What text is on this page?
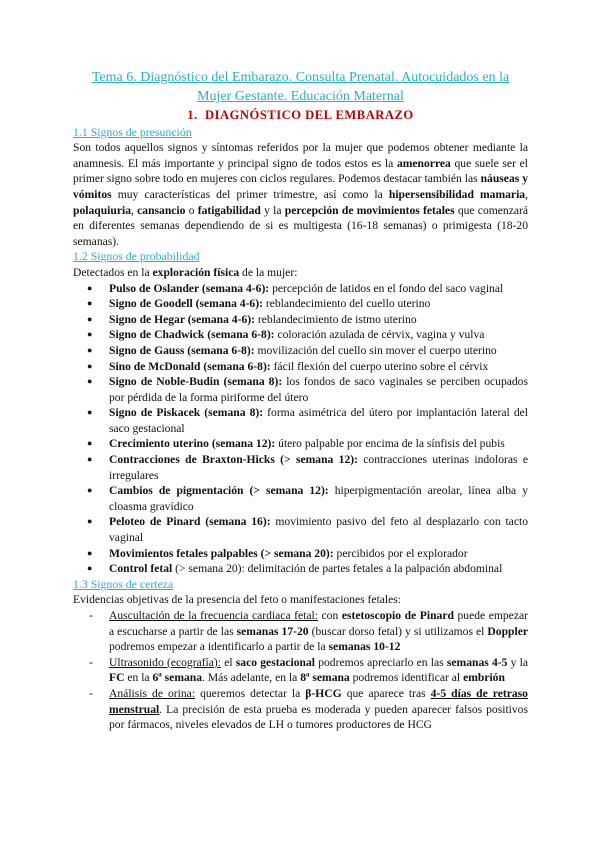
Tema 6. Diagnóstico del Embarazo. Consulta Prenatal. Autocuidados en la Mujer Gestante. Educación Maternal
1. DIAGNÓSTICO DEL EMBARAZO
1.1 Signos de presunción

Son todos aquellos signos y síntomas referidos por la mujer que podemos obtener mediante la anamnesis. El más importante y principal signo de todos estos es la amenorrea que suele ser el primer signo sobre todo en mujeres con ciclos regulares. Podemos destacar también las náuseas y vómitos muy características del primer trimestre, así como la hipersensibilidad mamaria, polaquiuria, cansancio o fatigabilidad y la percepción de movimientos fetales que comenzará en diferentes semanas dependiendo de si es multigesta (16-18 semanas) o primigesta (18-20 semanas).

1.2 Signos de probabilidad

Detectados en la exploración física de la mujer:

● Pulso de Oslander (semana 4-6): percepción de latidos en el fondo del saco vaginal
● Signo de Goodell (semana 4-6): reblandecimiento del cuello uterino
● Signo de Hegar (semana 4-6): reblandecimiento de istmo uterino
● Signo de Chadwick (semana 6-8): coloración azulada de cérvix, vagina y vulva
● Signo de Gauss (semana 6-8): movilización del cuello sin mover el cuerpo uterino
● Sino de McDonald (semana 6-8): fácil flexión del cuerpo uterino sobre el cérvix
● Signo de Noble-Budin (semana 8): los fondos de saco vaginales se perciben ocupados por pérdida de la forma piriforme del útero
● Signo de Piskacek (semana 8): forma asimétrica del útero por implantación lateral del saco gestacional
● Crecimiento uterino (semana 12): útero palpable por encima de la sínfisis del pubis
● Contracciones de Braxton-Hicks (> semana 12): contracciones uterinas indoloras e irregulares
● Cambios de pigmentación (> semana 12): hiperpigmentación areolar, línea alba y cloasma gravídico
● Peloteo de Pinard (semana 16): movimiento pasivo del feto al desplazarlo con tacto vaginal
● Movimientos fetales palpables (> semana 20): percibidos por el explorador
● Control fetal (> semana 20): delimitación de partes fetales a la palpación abdominal
1.3 Signos de certeza

Evidencias objetivas de la presencia del feto o manifestaciones fetales:

- Auscultación de la frecuencia cardiaca fetal: con estetoscopio de Pinard puede empezar a escucharse a partir de las semanas 17-20 (buscar dorso fetal) y si utilizamos el Doppler podremos empezar a identificarlo a partir de la semanas 10-12
- Ultrasonido (ecografía): el saco gestacional podremos apreciarlo en las semanas 4-5 y la FC en la 6ª semana. Más adelante, en la 8ª semana podremos identificar al embrión
- Análisis de orina: queremos detectar la β-HCG que aparece tras 4-5 días de retraso menstrual. La precisión de esta prueba es moderada y pueden aparecer falsos positivos por fármacos, niveles elevados de LH o tumores productores de HCG
